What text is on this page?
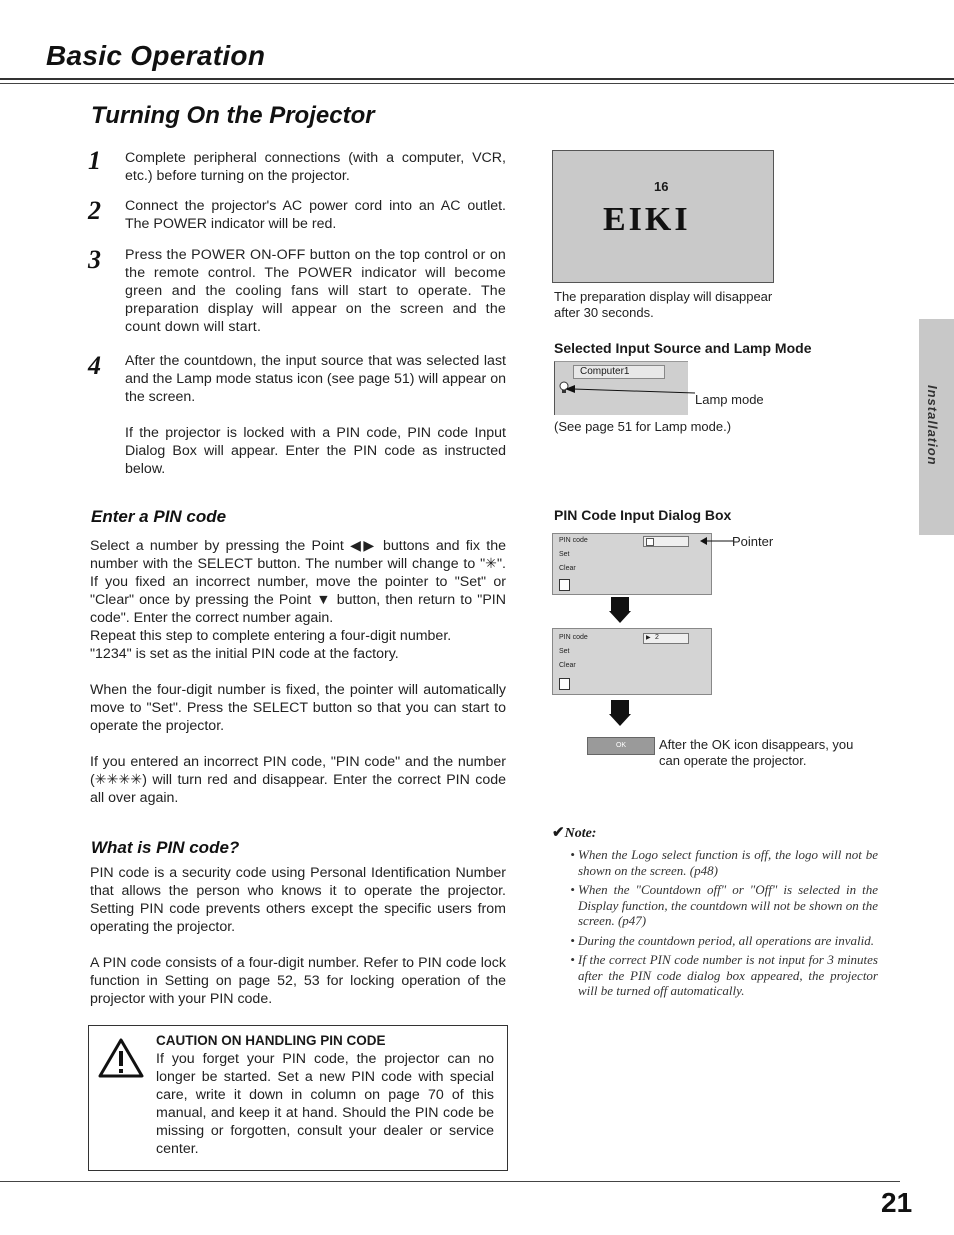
Basic Operation
Turning On the Projector
1 Complete peripheral connections (with a computer, VCR, etc.) before turning on the projector.
2 Connect the projector's AC power cord into an AC outlet. The POWER indicator will be red.
3 Press the POWER ON-OFF button on the top control or on the remote control. The POWER indicator will become green and the cooling fans will start to operate. The preparation display will appear on the screen and the count down will start.
4 After the countdown, the input source that was selected last and the Lamp mode status icon (see page 51) will appear on the screen.
If the projector is locked with a PIN code, PIN code Input Dialog Box will appear. Enter the PIN code as instructed below.
Enter a PIN code

Select a number by pressing the Point ◀▶ buttons and fix the number with the SELECT button. The number will change to "✳". If you fixed an incorrect number, move the pointer to "Set" or "Clear" once by pressing the Point ▼ button, then return to "PIN code". Enter the correct number again.

Repeat this step to complete entering a four-digit number.

"1234" is set as the initial PIN code at the factory.

When the four-digit number is fixed, the pointer will automatically move to "Set". Press the SELECT button so that you can start to operate the projector.

If you entered an incorrect PIN code, "PIN code" and the number (✳✳✳✳) will turn red and disappear. Enter the correct PIN code all over again.

What is PIN code?

PIN code is a security code using Personal Identification Number that allows the person who knows it to operate the projector. Setting PIN code prevents others except the specific users from operating the projector.

A PIN code consists of a four-digit number. Refer to PIN code lock function in Setting on page 52, 53 for locking operation of the projector with your PIN code.

CAUTION ON HANDLING PIN CODE
If you forget your PIN code, the projector can no longer be started. Set a new PIN code with special care, write it down in column on page 70 of this manual, and keep it at hand. Should the PIN code be missing or forgotten, consult your dealer or service center.
16
EIKI
The preparation display will disappear after 30 seconds.
Selected Input Source and Lamp Mode
Computer1
Lamp mode
(See page 51 for Lamp mode.)
PIN Code Input Dialog Box
PIN code
Set
Clear
Pointer
PIN code
Set
Clear
▶ 2
OK	After the OK icon disappears, you can operate the projector.
✔Note:
• When the Logo select function is off, the logo will not be shown on the screen. (p48)
• When the "Countdown off" or "Off" is selected in the Display function, the countdown will not be shown on the screen. (p47)
• During the countdown period, all operations are invalid.
• If the correct PIN code number is not input for 3 minutes after the PIN code dialog box appeared, the projector will be turned off automatically.
Installation
21
